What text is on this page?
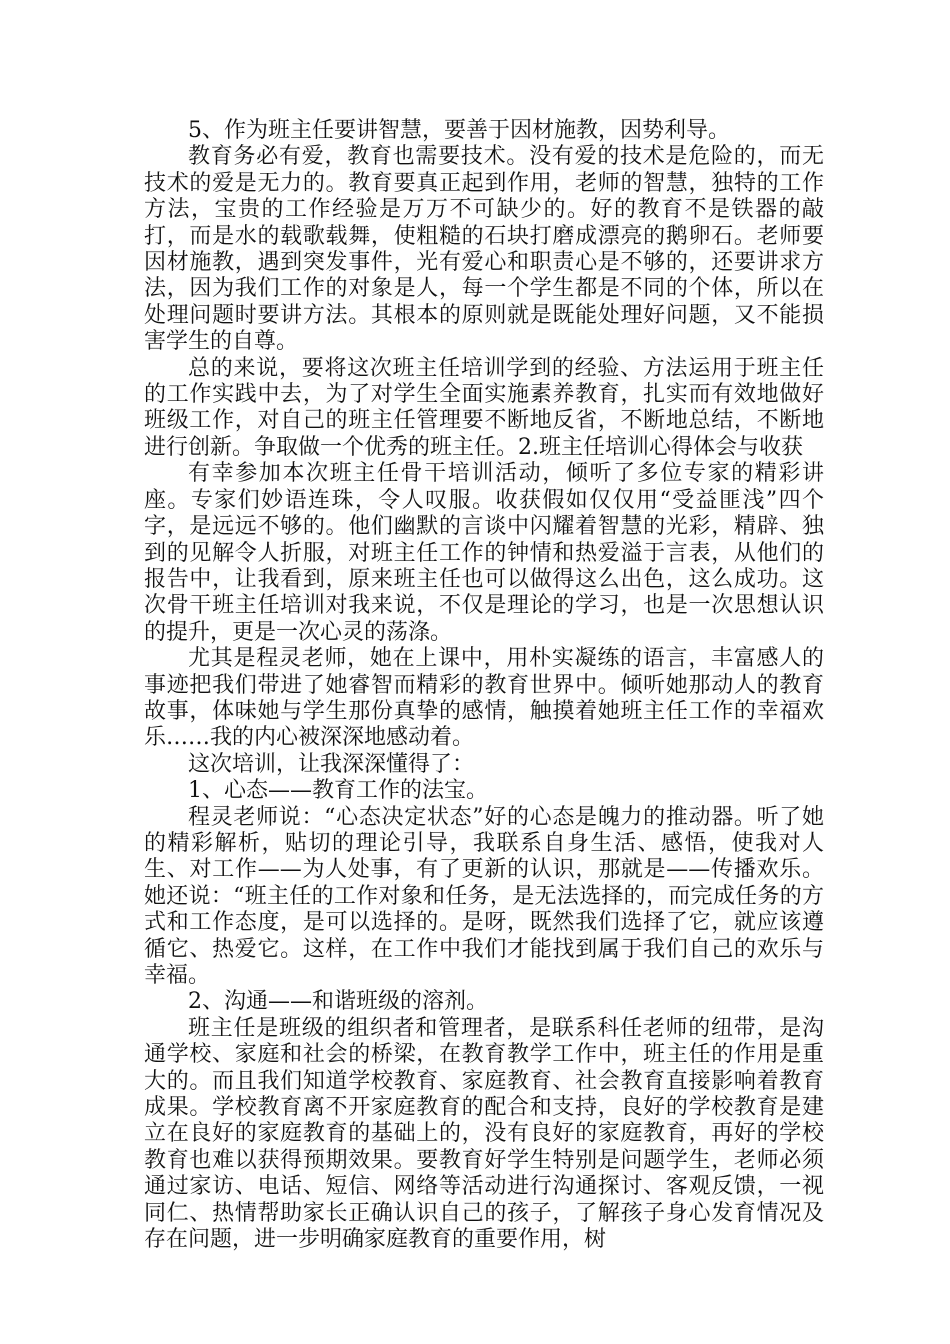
5、作为班主任要讲智慧，要善于因材施教，因势利导。

教育务必有爱，教育也需要技术。没有爱的技术是危险的，而无技术的爱是无力的。教育要真正起到作用，老师的智慧，独特的工作方法，宝贵的工作经验是万万不可缺少的。好的教育不是铁器的敲打，而是水的载歌载舞，使粗糙的石块打磨成漂亮的鹅卵石。老师要因材施教，遇到突发事件，光有爱心和职责心是不够的，还要讲求方法，因为我们工作的对象是人，每一个学生都是不同的个体，所以在处理问题时要讲方法。其根本的原则就是既能处理好问题，又不能损害学生的自尊。

总的来说，要将这次班主任培训学到的经验、方法运用于班主任的工作实践中去，为了对学生全面实施素养教育，扎实而有效地做好班级工作，对自己的班主任管理要不断地反省，不断地总结，不断地进行创新。争取做一个优秀的班主任。2.班主任培训心得体会与收获

有幸参加本次班主任骨干培训活动，倾听了多位专家的精彩讲座。专家们妙语连珠，令人叹服。收获假如仅仅用“受益匪浅”四个字，是远远不够的。他们幽默的言谈中闪耀着智慧的光彩，精辟、独到的见解令人折服，对班主任工作的钟情和热爱溢于言表，从他们的报告中，让我看到，原来班主任也可以做得这么出色，这么成功。这次骨干班主任培训对我来说，不仅是理论的学习，也是一次思想认识的提升，更是一次心灵的荡涤。

尤其是程灵老师，她在上课中，用朴实凝练的语言，丰富感人的事迹把我们带进了她睿智而精彩的教育世界中。倾听她那动人的教育故事，体味她与学生那份真挚的感情，触摸着她班主任工作的幸福欢乐……我的内心被深深地感动着。

这次培训，让我深深懂得了：

1、心态——教育工作的法宝。

程灵老师说：“心态决定状态”好的心态是魄力的推动器。听了她的精彩解析，贴切的理论引导，我联系自身生活、感悟，使我对人生、对工作——为人处事，有了更新的认识，那就是——传播欢乐。她还说：“班主任的工作对象和任务，是无法选择的，而完成任务的方式和工作态度，是可以选择的。是呀，既然我们选择了它，就应该遵循它、热爱它。这样，在工作中我们才能找到属于我们自己的欢乐与幸福。

2、沟通——和谐班级的溶剂。

班主任是班级的组织者和管理者，是联系科任老师的纽带，是沟通学校、家庭和社会的桥梁，在教育教学工作中，班主任的作用是重大的。而且我们知道学校教育、家庭教育、社会教育直接影响着教育成果。学校教育离不开家庭教育的配合和支持，良好的学校教育是建立在良好的家庭教育的基础上的，没有良好的家庭教育，再好的学校教育也难以获得预期效果。要教育好学生特别是问题学生，老师必须通过家访、电话、短信、网络等活动进行沟通探讨、客观反馈，一视同仁、热情帮助家长正确认识自己的孩子，了解孩子身心发育情况及存在问题，进一步明确家庭教育的重要作用，树
